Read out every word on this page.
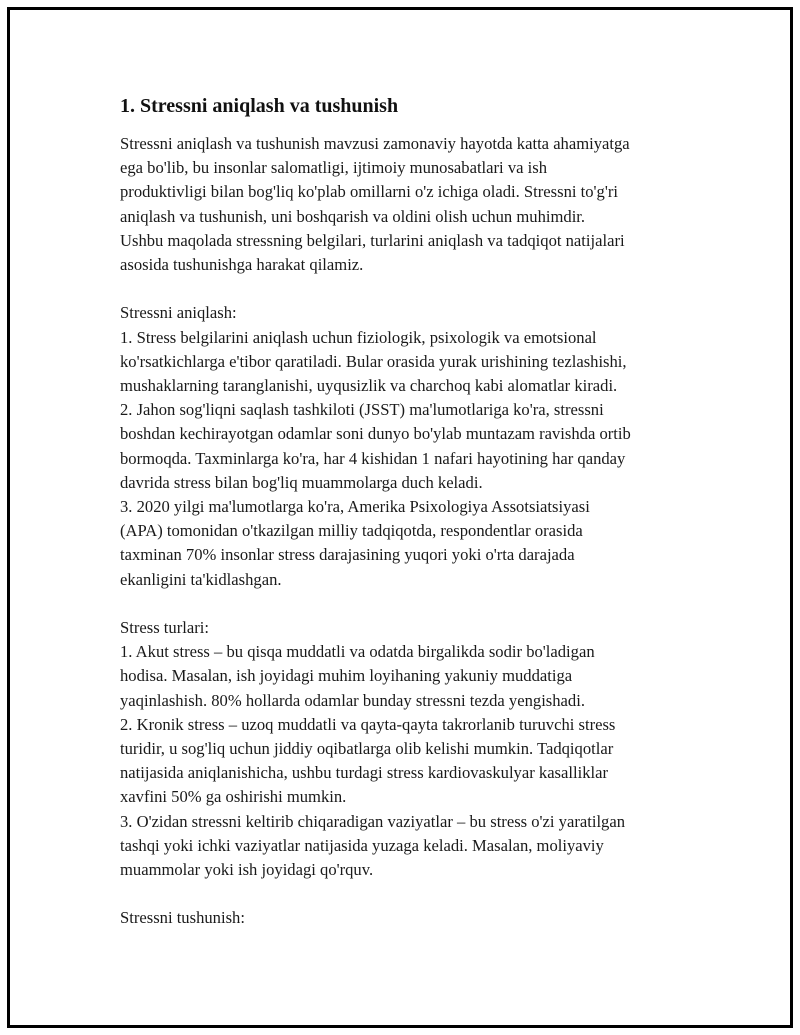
1. Stressni aniqlash va tushunish

Stressni aniqlash va tushunish mavzusi zamonaviy hayotda katta ahamiyatga

ega bo'lib, bu insonlar salomatligi, ijtimoiy munosabatlari va ish

produktivligi bilan bog'liq ko'plab omillarni o'z ichiga oladi. Stressni to'g'ri

aniqlash va tushunish, uni boshqarish va oldini olish uchun muhimdir.

Ushbu maqolada stressning belgilari, turlarini aniqlash va tadqiqot natijalari

asosida tushunishga harakat qilamiz.

Stressni aniqlash:

1. Stress belgilarini aniqlash uchun fiziologik, psixologik va emotsional

ko'rsatkichlarga e'tibor qaratiladi. Bular orasida yurak urishining tezlashishi,

mushaklarning taranglanishi, uyqusizlik va charchoq kabi alomatlar kiradi.

2. Jahon sog'liqni saqlash tashkiloti (JSST) ma'lumotlariga ko'ra, stressni

boshdan kechirayotgan odamlar soni dunyo bo'ylab muntazam ravishda ortib

bormoqda. Taxminlarga ko'ra, har 4 kishidan 1 nafari hayotining har qanday

davrida stress bilan bog'liq muammolarga duch keladi.

3. 2020 yilgi ma'lumotlarga ko'ra, Amerika Psixologiya Assotsiatsiyasi

(APA) tomonidan o'tkazilgan milliy tadqiqotda, respondentlar orasida

taxminan 70% insonlar stress darajasining yuqori yoki o'rta darajada

ekanligini ta'kidlashgan.

Stress turlari:

1. Akut stress – bu qisqa muddatli va odatda birgalikda sodir bo'ladigan

hodisa. Masalan, ish joyidagi muhim loyihaning yakuniy muddatiga

yaqinlashish. 80% hollarda odamlar bunday stressni tezda yengishadi.

2. Kronik stress – uzoq muddatli va qayta-qayta takrorlanib turuvchi stress

turidir, u sog'liq uchun jiddiy oqibatlarga olib kelishi mumkin. Tadqiqotlar

natijasida aniqlanishicha, ushbu turdagi stress kardiovaskulyar kasalliklar

xavfini 50% ga oshirishi mumkin.

3. O'zidan stressni keltirib chiqaradigan vaziyatlar – bu stress o'zi yaratilgan

tashqi yoki ichki vaziyatlar natijasida yuzaga keladi. Masalan, moliyaviy

muammolar yoki ish joyidagi qo'rquv.

Stressni tushunish:
